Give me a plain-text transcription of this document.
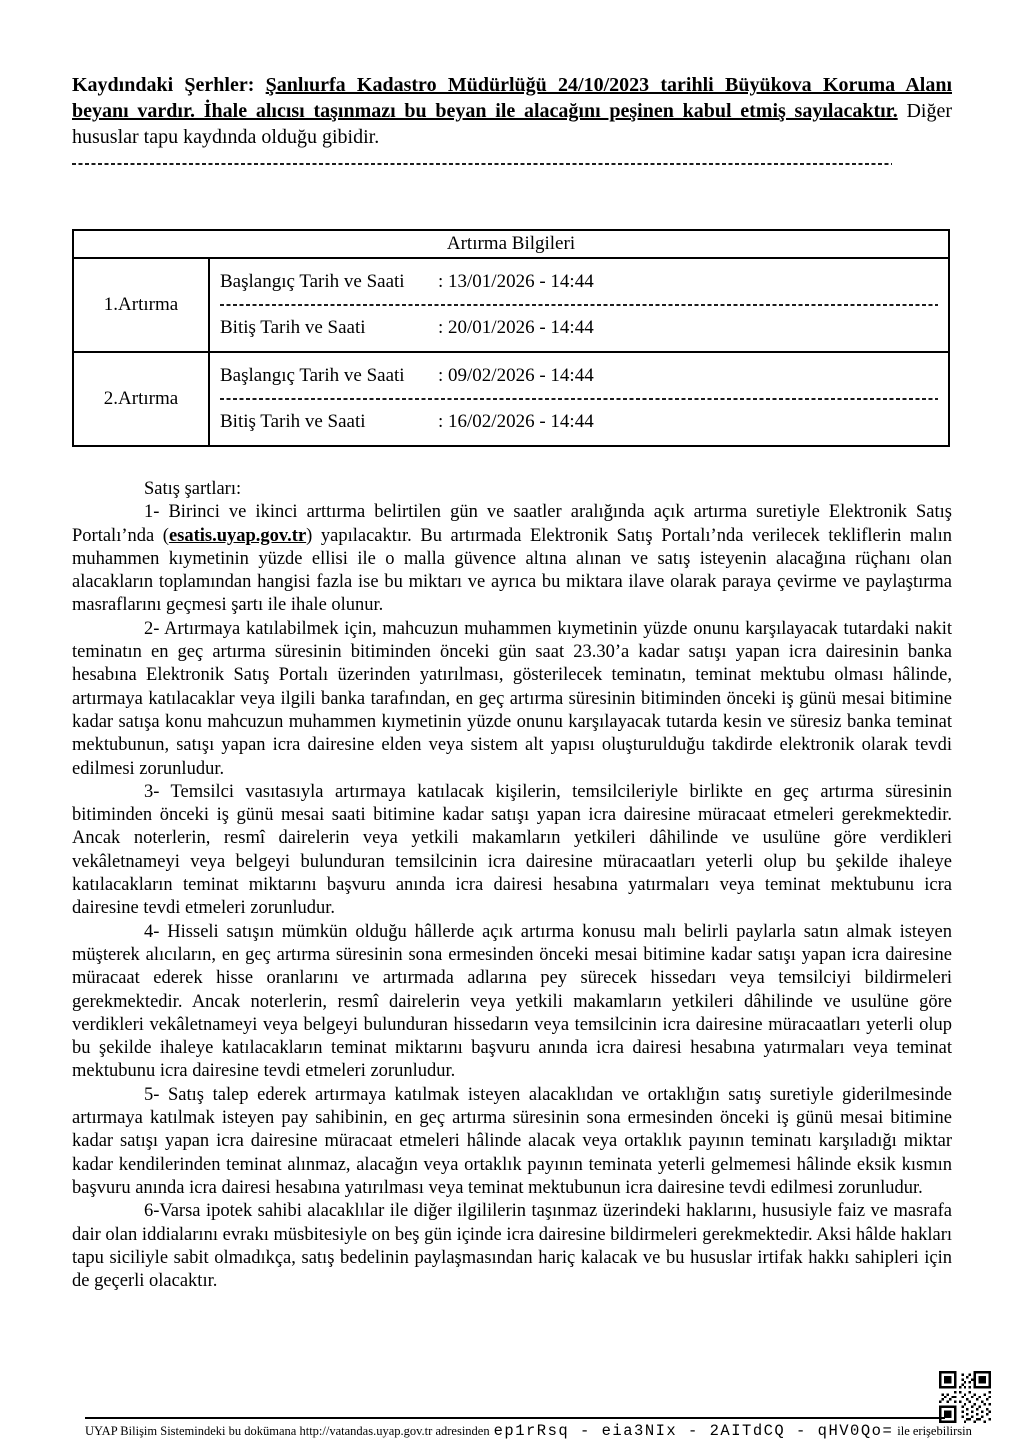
Kaydındaki Şerhler: Şanlıurfa Kadastro Müdürlüğü 24/10/2023 tarihli Büyükova Koruma Alanı beyanı vardır. İhale alıcısı taşınmazı bu beyan ile alacağını peşinen kabul etmiş sayılacaktır. Diğer hususlar tapu kaydında olduğu gibidir.
Artırma Bilgileri	
1.Artırma	Başlangıç Tarih ve Saati : 13/01/2026 - 14:44
Bitiş Tarih ve Saati : 20/01/2026 - 14:44

2.Artırma	Başlangıç Tarih ve Saati : 09/02/2026 - 14:44
Bitiş Tarih ve Saati : 16/02/2026 - 14:44
Satış şartları:

1- Birinci ve ikinci arttırma belirtilen gün ve saatler aralığında açık artırma suretiyle Elektronik Satış Portalı’nda (esatis.uyap.gov.tr) yapılacaktır. Bu artırmada Elektronik Satış Portalı’nda verilecek tekliflerin malın muhammen kıymetinin yüzde ellisi ile o malla güvence altına alınan ve satış isteyenin alacağına rüçhanı olan alacakların toplamından hangisi fazla ise bu miktarı ve ayrıca bu miktara ilave olarak paraya çevirme ve paylaştırma masraflarını geçmesi şartı ile ihale olunur.

2- Artırmaya katılabilmek için, mahcuzun muhammen kıymetinin yüzde onunu karşılayacak tutardaki nakit teminatın en geç artırma süresinin bitiminden önceki gün saat 23.30’a kadar satışı yapan icra dairesinin banka hesabına Elektronik Satış Portalı üzerinden yatırılması, gösterilecek teminatın, teminat mektubu olması hâlinde, artırmaya katılacaklar veya ilgili banka tarafından, en geç artırma süresinin bitiminden önceki iş günü mesai bitimine kadar satışa konu mahcuzun muhammen kıymetinin yüzde onunu karşılayacak tutarda kesin ve süresiz banka teminat mektubunun, satışı yapan icra dairesine elden veya sistem alt yapısı oluşturulduğu takdirde elektronik olarak tevdi edilmesi zorunludur.

3- Temsilci vasıtasıyla artırmaya katılacak kişilerin, temsilcileriyle birlikte en geç artırma süresinin bitiminden önceki iş günü mesai saati bitimine kadar satışı yapan icra dairesine müracaat etmeleri gerekmektedir. Ancak noterlerin, resmî dairelerin veya yetkili makamların yetkileri dâhilinde ve usulüne göre verdikleri vekâletnameyi veya belgeyi bulunduran temsilcinin icra dairesine müracaatları yeterli olup bu şekilde ihaleye katılacakların teminat miktarını başvuru anında icra dairesi hesabına yatırmaları veya teminat mektubunu icra dairesine tevdi etmeleri zorunludur.

4- Hisseli satışın mümkün olduğu hâllerde açık artırma konusu malı belirli paylarla satın almak isteyen müşterek alıcıların, en geç artırma süresinin sona ermesinden önceki mesai bitimine kadar satışı yapan icra dairesine müracaat ederek hisse oranlarını ve artırmada adlarına pey sürecek hissedarı veya temsilciyi bildirmeleri gerekmektedir. Ancak noterlerin, resmî dairelerin veya yetkili makamların yetkileri dâhilinde ve usulüne göre verdikleri vekâletnameyi veya belgeyi bulunduran hissedarın veya temsilcinin icra dairesine müracaatları yeterli olup bu şekilde ihaleye katılacakların teminat miktarını başvuru anında icra dairesi hesabına yatırmaları veya teminat mektubunu icra dairesine tevdi etmeleri zorunludur.

5- Satış talep ederek artırmaya katılmak isteyen alacaklıdan ve ortaklığın satış suretiyle giderilmesinde artırmaya katılmak isteyen pay sahibinin, en geç artırma süresinin sona ermesinden önceki iş günü mesai bitimine kadar satışı yapan icra dairesine müracaat etmeleri hâlinde alacak veya ortaklık payının teminatı karşıladığı miktar kadar kendilerinden teminat alınmaz, alacağın veya ortaklık payının teminata yeterli gelmemesi hâlinde eksik kısmın başvuru anında icra dairesi hesabına yatırılması veya teminat mektubunun icra dairesine tevdi edilmesi zorunludur.

6-Varsa ipotek sahibi alacaklılar ile diğer ilgililerin taşınmaz üzerindeki haklarını, hususiyle faiz ve masrafa dair olan iddialarını evrakı müsbitesiyle on beş gün içinde icra dairesine bildirmeleri gerekmektedir. Aksi hâlde hakları tapu siciliyle sabit olmadıkça, satış bedelinin paylaşmasından hariç kalacak ve bu hususlar irtifak hakkı sahipleri için de geçerli olacaktır.

UYAP Bilişim Sistemindeki bu dokümana http://vatandas.uyap.gov.tr adresinden ep1rRsq - eia3NIx - 2AITdCQ - qHV0Qo= ile erişebilirsin
